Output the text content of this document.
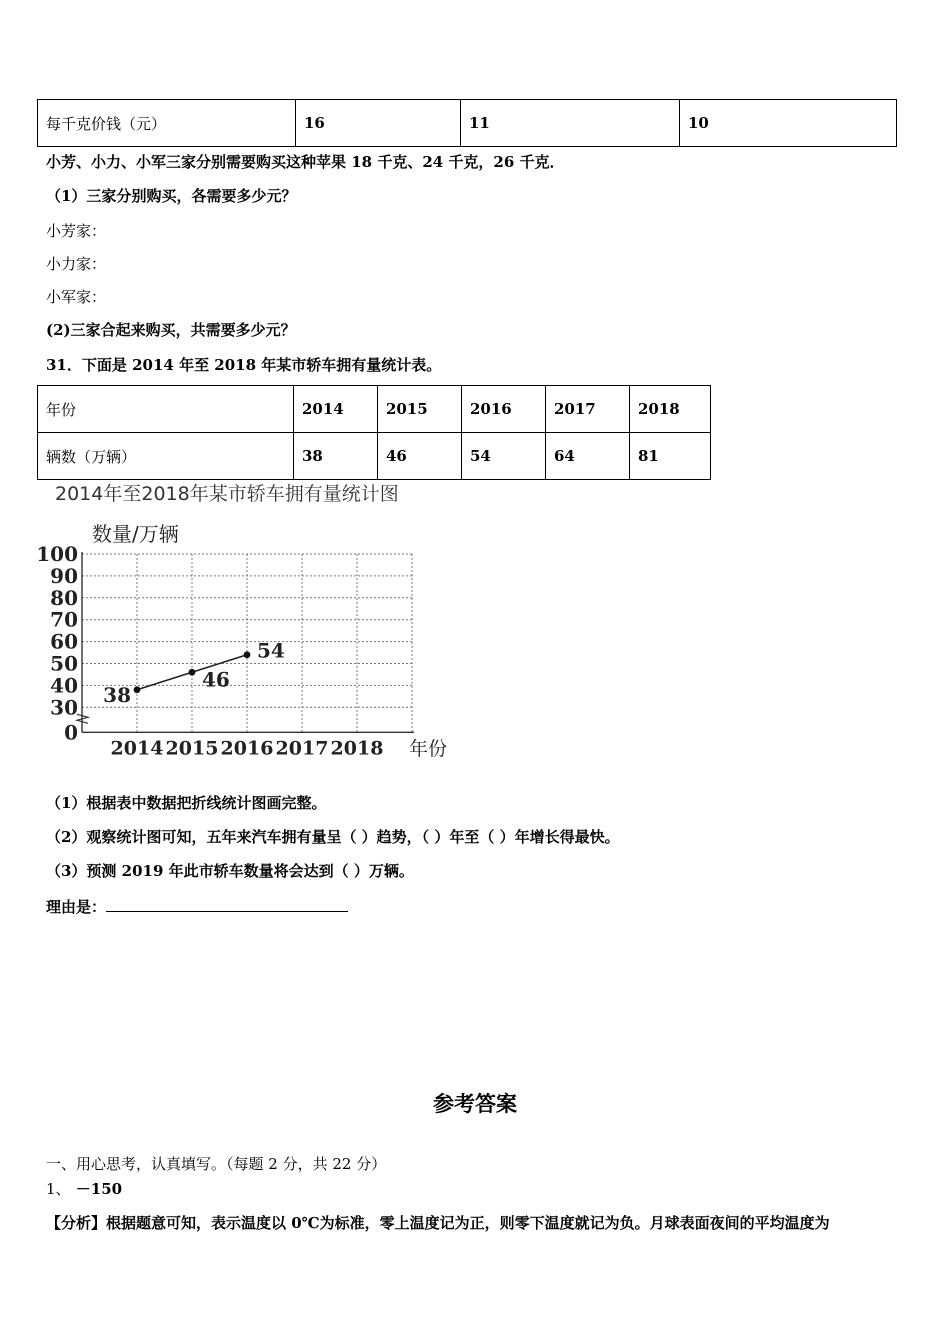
每千克价钱（元）	16	11	10
小芳、小力、小军三家分别需要购买这种苹果 18 千克、24 千克，26 千克．
（1）三家分别购买，各需要多少元？
小芳家：
小力家：
小军家：
(2)三家合起来购买，共需要多少元？
31．下面是 2014 年至 2018 年某市轿车拥有量统计表。
年份	2014	2015	2016	2017	2018
辆数（万辆）	38	46	54	64	81
0
30
40
50
60
70
80
90
100
2014 2015 2016 2017 2018
38
46
54
2014年至2018年某市轿车拥有量统计图
数量/万辆
年份
（1）根据表中数据把折线统计图画完整。
（2）观察统计图可知，五年来汽车拥有量呈（ ）趋势，（ ）年至（ ）年增长得最快。
（3）预测 2019 年此市轿车数量将会达到（ ）万辆。
理由是：
参考答案
一、用心思考，认真填写。（每题 2 分，共 22 分）
1、 －150
【分析】根据题意可知，表示温度以 0℃为标准，零上温度记为正，则零下温度就记为负。月球表面夜间的平均温度为
